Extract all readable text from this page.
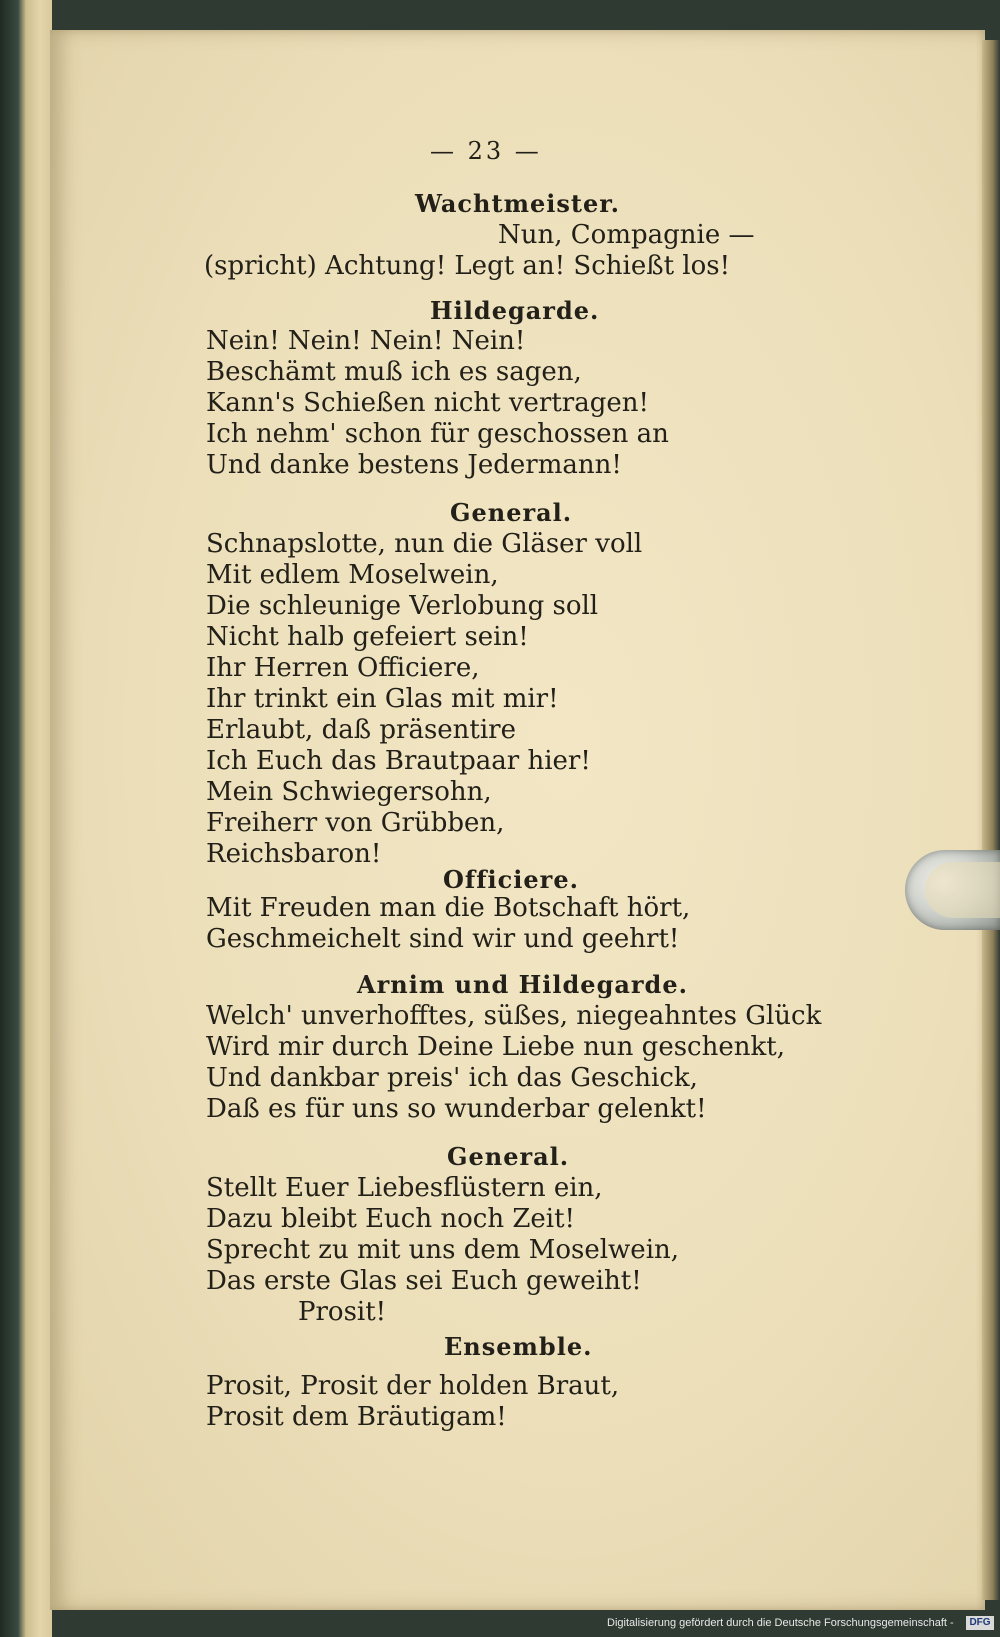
— 23 —
Wachtmeister.
Nun, Compagnie —
(spricht) Achtung! Legt an! Schießt los!
Hildegarde.
Nein! Nein! Nein! Nein!
Beschämt muß ich es sagen,
Kann's Schießen nicht vertragen!
Ich nehm' schon für geschossen an
Und danke bestens Jedermann!
General.
Schnapslotte, nun die Gläser voll
Mit edlem Moselwein,
Die schleunige Verlobung soll
Nicht halb gefeiert sein!
Ihr Herren Officiere,
Ihr trinkt ein Glas mit mir!
Erlaubt, daß präsentire
Ich Euch das Brautpaar hier!
Mein Schwiegersohn,
Freiherr von Grübben,
Reichsbaron!
Officiere.
Mit Freuden man die Botschaft hört,
Geschmeichelt sind wir und geehrt!
Arnim und Hildegarde.
Welch' unverhofftes, süßes, niegeahntes Glück
Wird mir durch Deine Liebe nun geschenkt,
Und dankbar preis' ich das Geschick,
Daß es für uns so wunderbar gelenkt!
General.
Stellt Euer Liebesflüstern ein,
Dazu bleibt Euch noch Zeit!
Sprecht zu mit uns dem Moselwein,
Das erste Glas sei Euch geweiht!
Prosit!
Ensemble.
Prosit, Prosit der holden Braut,
Prosit dem Bräutigam!
Digitalisierung gefördert durch die Deutsche Forschungsgemeinschaft -	DFG
